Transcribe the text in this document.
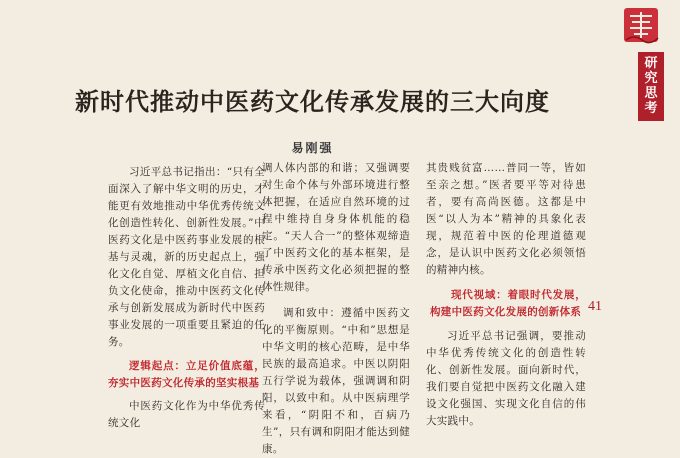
研
究
思
考
新时代推动中医药文化传承发展的三大向度
易刚强

习近平总书记指出：“只有全面深入了解中华文明的历史，才能更有效地推动中华优秀传统文化创造性转化、创新性发展。”中医药文化是中医药事业发展的根基与灵魂，新的历史起点上，强化文化自觉、厚植文化自信、担负文化使命，推动中医药文化传承与创新发展成为新时代中医药事业发展的一项重要且紧迫的任务。

逻辑起点：立足价值底蕴，夯实中医药文化传承的坚实根基

中医药文化作为中华优秀传统文化

调人体内部的和谐；又强调要对生命个体与外部环境进行整体把握，在适应自然环境的过程中维持自身身体机能的稳定。“天人合一”的整体观缔造了中医药文化的基本框架，是传承中医药文化必须把握的整体性规律。

调和致中：遵循中医药文化的平衡原则。“中和”思想是中华文明的核心范畴，是中华民族的最高追求。中医以阴阳五行学说为载体，强调调和阴阳，以致中和。从中医病理学来看，“阴阳不和，百病乃生”，只有调和阴阳才能达到健康。

其贵贱贫富……普同一等，皆如至亲之想。”医者要平等对待患者，要有高尚医德。这都是中医“以人为本”精神的具象化表现，规范着中医的伦理道德观念，是认识中医药文化必须领悟的精神内核。

现代视域：着眼时代发展，构建中医药文化发展的创新体系

习近平总书记强调，要推动中华优秀传统文化的创造性转化、创新性发展。面向新时代，我们要自觉把中医药文化融入建设文化强国、实现文化自信的伟大实践中。

41
